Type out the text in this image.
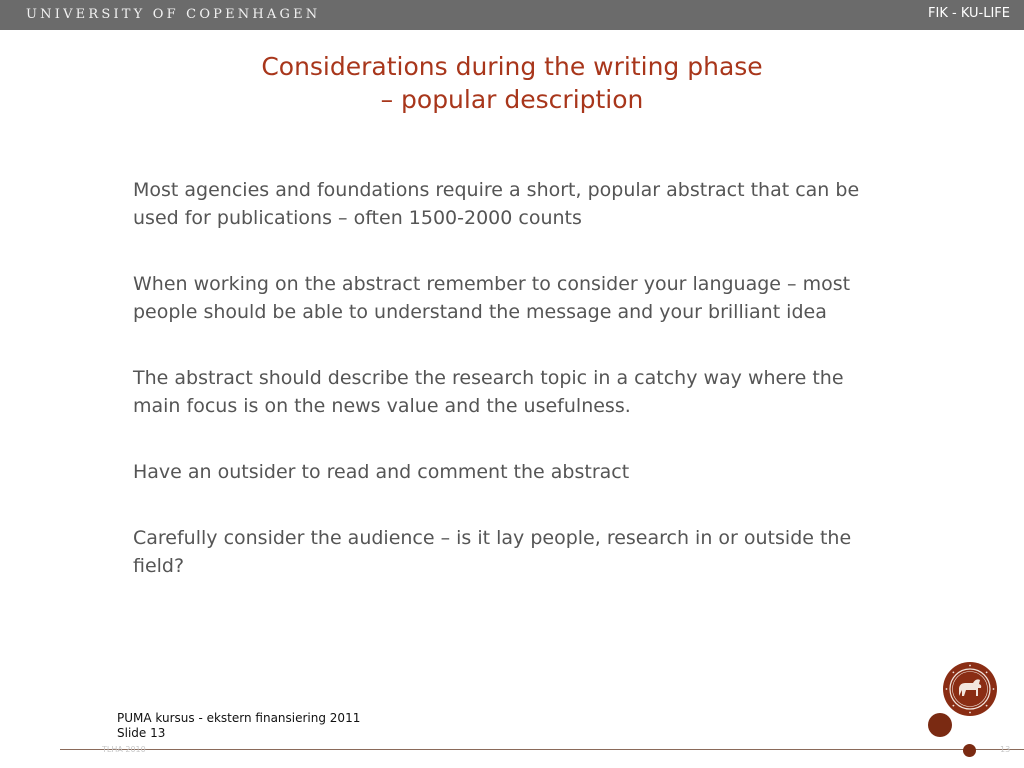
UNIVERSITY OF COPENHAGEN	FIK - KU-LIFE
Considerations during the writing phase
– popular description
Most agencies and foundations require a short, popular abstract that can be used for publications – often 1500-2000 counts
When working on the abstract remember to consider your language – most people should be able to understand the message and your brilliant idea
The abstract should describe the research topic in a catchy way where the main focus is on the news value and the usefulness.
Have an outsider to read and comment the abstract
Carefully consider the audience – is it lay people, research in or outside the field?
PUMA kursus - ekstern finansiering 2011
Slide 13
TLHA 2010	13
